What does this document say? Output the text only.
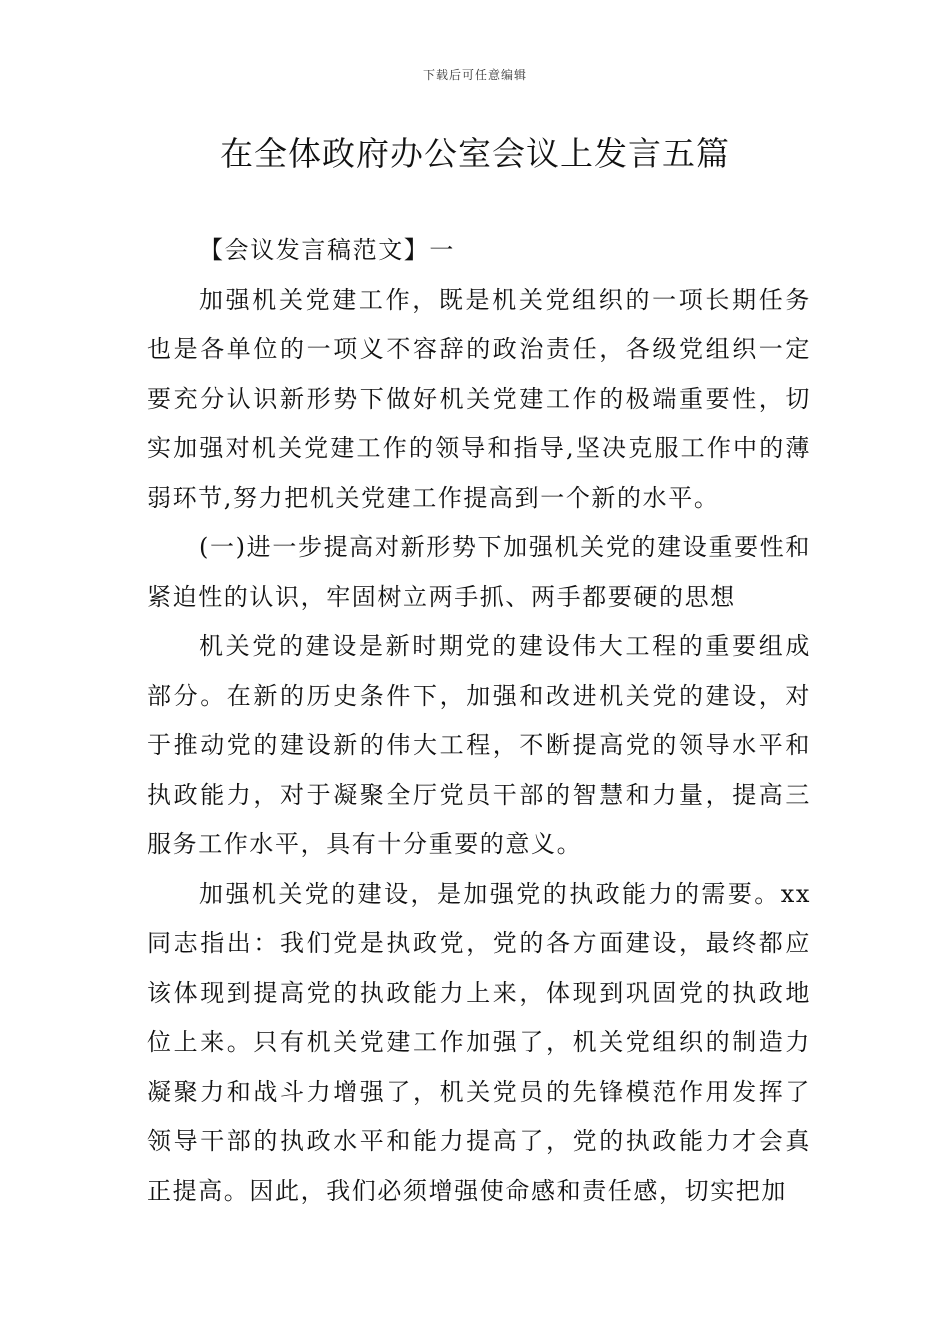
下载后可任意编辑
在全体政府办公室会议上发言五篇

【会议发言稿范文】一

加强机关党建工作，既是机关党组织的一项长期任务也是各单位的一项义不容辞的政治责任，各级党组织一定要充分认识新形势下做好机关党建工作的极端重要性，切实加强对机关党建工作的领导和指导,坚决克服工作中的薄弱环节,努力把机关党建工作提高到一个新的水平。

(一)进一步提高对新形势下加强机关党的建设重要性和紧迫性的认识，牢固树立两手抓、两手都要硬的思想

机关党的建设是新时期党的建设伟大工程的重要组成部分。在新的历史条件下，加强和改进机关党的建设，对于推动党的建设新的伟大工程，不断提高党的领导水平和执政能力，对于凝聚全厅党员干部的智慧和力量，提高三服务工作水平，具有十分重要的意义。

加强机关党的建设，是加强党的执政能力的需要。xx同志指出：我们党是执政党，党的各方面建设，最终都应该体现到提高党的执政能力上来，体现到巩固党的执政地位上来。只有机关党建工作加强了，机关党组织的制造力凝聚力和战斗力增强了，机关党员的先锋模范作用发挥了领导干部的执政水平和能力提高了，党的执政能力才会真正提高。因此，我们必须增强使命感和责任感，切实把加
